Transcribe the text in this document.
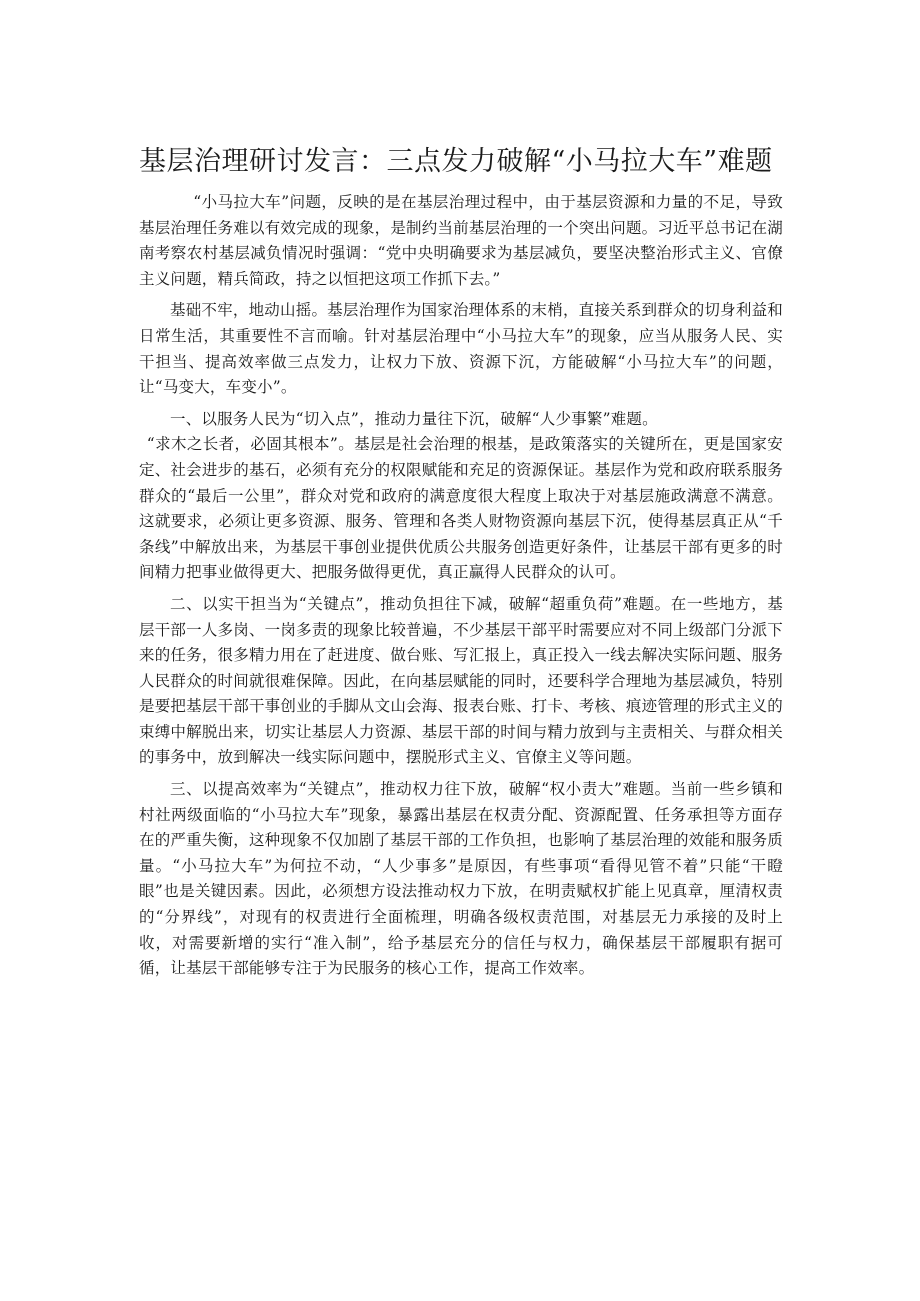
基层治理研讨发言：三点发力破解“小马拉大车”难题

“小马拉大车”问题，反映的是在基层治理过程中，由于基层资源和力量的不足，导致基层治理任务难以有效完成的现象，是制约当前基层治理的一个突出问题。习近平总书记在湖南考察农村基层减负情况时强调：“党中央明确要求为基层减负，要坚决整治形式主义、官僚主义问题，精兵简政，持之以恒把这项工作抓下去。”

基础不牢，地动山摇。基层治理作为国家治理体系的末梢，直接关系到群众的切身利益和日常生活，其重要性不言而喻。针对基层治理中“小马拉大车”的现象，应当从服务人民、实干担当、提高效率做三点发力，让权力下放、资源下沉，方能破解“小马拉大车”的问题，让“马变大，车变小”。

一、以服务人民为“切入点”，推动力量往下沉，破解“人少事繁”难题。

“求木之长者，必固其根本”。基层是社会治理的根基，是政策落实的关键所在，更是国家安定、社会进步的基石，必须有充分的权限赋能和充足的资源保证。基层作为党和政府联系服务群众的“最后一公里”，群众对党和政府的满意度很大程度上取决于对基层施政满意不满意。这就要求，必须让更多资源、服务、管理和各类人财物资源向基层下沉，使得基层真正从“千条线”中解放出来，为基层干事创业提供优质公共服务创造更好条件，让基层干部有更多的时间精力把事业做得更大、把服务做得更优，真正赢得人民群众的认可。

二、以实干担当为“关键点”，推动负担往下减，破解“超重负荷”难题。在一些地方，基层干部一人多岗、一岗多责的现象比较普遍，不少基层干部平时需要应对不同上级部门分派下来的任务，很多精力用在了赶进度、做台账、写汇报上，真正投入一线去解决实际问题、服务人民群众的时间就很难保障。因此，在向基层赋能的同时，还要科学合理地为基层减负，特别是要把基层干部干事创业的手脚从文山会海、报表台账、打卡、考核、痕迹管理的形式主义的束缚中解脱出来，切实让基层人力资源、基层干部的时间与精力放到与主责相关、与群众相关的事务中，放到解决一线实际问题中，摆脱形式主义、官僚主义等问题。

三、以提高效率为“关键点”，推动权力往下放，破解“权小责大”难题。当前一些乡镇和村社两级面临的“小马拉大车”现象，暴露出基层在权责分配、资源配置、任务承担等方面存在的严重失衡，这种现象不仅加剧了基层干部的工作负担，也影响了基层治理的效能和服务质量。“小马拉大车”为何拉不动，“人少事多”是原因，有些事项“看得见管不着”只能“干瞪眼”也是关键因素。因此，必须想方设法推动权力下放，在明责赋权扩能上见真章，厘清权责的“分界线”，对现有的权责进行全面梳理，明确各级权责范围，对基层无力承接的及时上收，对需要新增的实行“准入制”，给予基层充分的信任与权力，确保基层干部履职有据可循，让基层干部能够专注于为民服务的核心工作，提高工作效率。
